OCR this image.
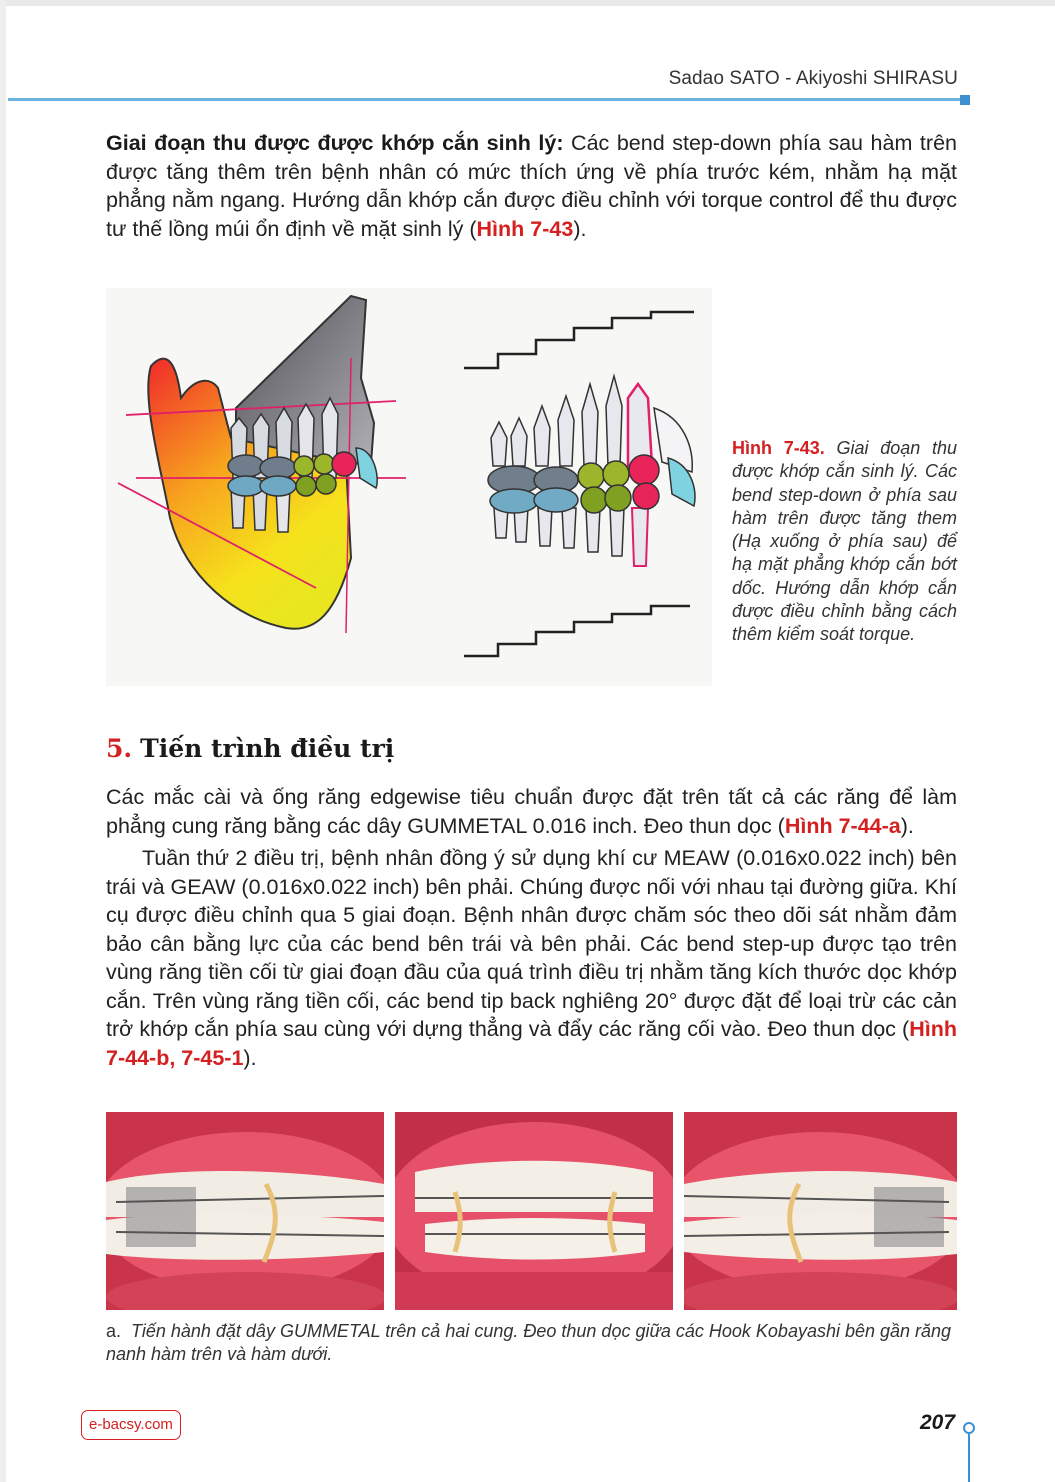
Sadao SATO - Akiyoshi SHIRASU

Giai đoạn thu được được khớp cắn sinh lý: Các bend step-down phía sau hàm trên được tăng thêm trên bệnh nhân có mức thích ứng về phía trước kém, nhằm hạ mặt phẳng nằm ngang. Hướng dẫn khớp cắn được điều chỉnh với torque control để thu được tư thế lồng múi ổn định về mặt sinh lý (Hình 7-43).

Hình 7-43. Giai đoạn thu được khớp cắn sinh lý. Các bend step-down ở phía sau hàm trên được tăng them (Hạ xuống ở phía sau) để hạ mặt phẳng khớp cắn bớt dốc. Hướng dẫn khớp cắn được điều chỉnh bằng cách thêm kiểm soát torque.

5. Tiến trình điều trị

Các mắc cài và ống răng edgewise tiêu chuẩn được đặt trên tất cả các răng để làm phẳng cung răng bằng các dây GUMMETAL 0.016 inch. Đeo thun dọc (Hình 7-44-a).

Tuần thứ 2 điều trị, bệnh nhân đồng ý sử dụng khí cư MEAW (0.016x0.022 inch) bên trái và GEAW (0.016x0.022 inch) bên phải. Chúng được nối với nhau tại đường giữa. Khí cụ được điều chỉnh qua 5 giai đoạn. Bệnh nhân được chăm sóc theo dõi sát nhằm đảm bảo cân bằng lực của các bend bên trái và bên phải. Các bend step-up được tạo trên vùng răng tiền cối từ giai đoạn đầu của quá trình điều trị nhằm tăng kích thước dọc khớp cắn. Trên vùng răng tiền cối, các bend tip back nghiêng 20° được đặt để loại trừ các cản trở khớp cắn phía sau cùng với dựng thẳng và đẩy các răng cối vào. Đeo thun dọc (Hình 7-44-b, 7-45-1).

a. Tiến hành đặt dây GUMMETAL trên cả hai cung. Đeo thun dọc giữa các Hook Kobayashi bên gần răng nanh hàm trên và hàm dưới.

e-bacsy.com	207
